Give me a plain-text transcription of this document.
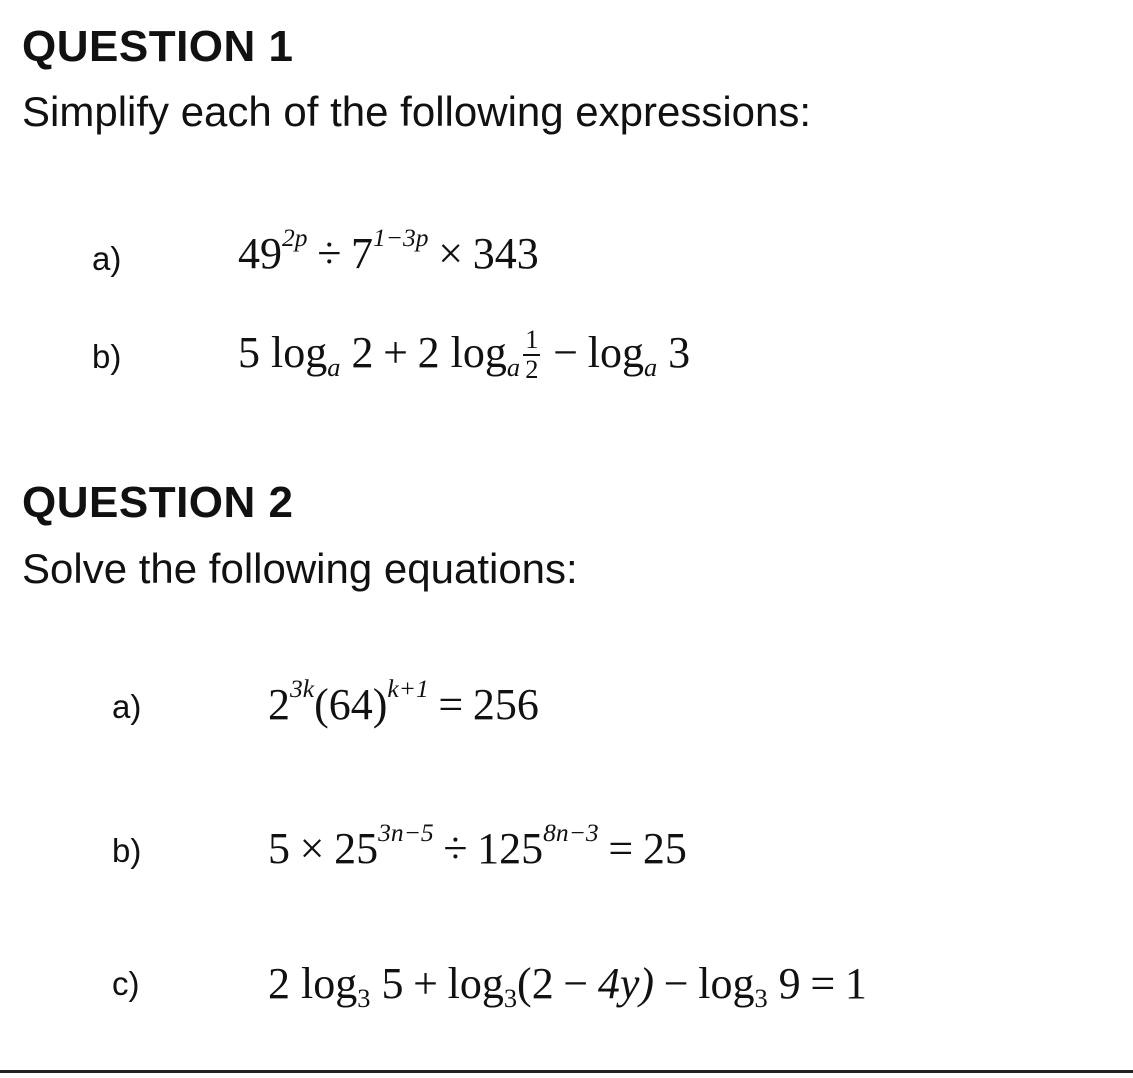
QUESTION 1
Simplify each of the following expressions:
a)	$49^{2p} \div 7^{1-3p} \times 343$
b)	5 $\log_a 2 + 2$ $\log_a \frac{1}{2} - \log_a 3$
QUESTION 2
Solve the following equations:
a)	$2^{3k}(64)^{k+1} = 256$
b)	$5 \times 25^{3n-5} \div 125^{8n-3} = 25$
c)	2 $\log_3 5 + \log_3(2 - 4y) - \log_3 9 = 1$
